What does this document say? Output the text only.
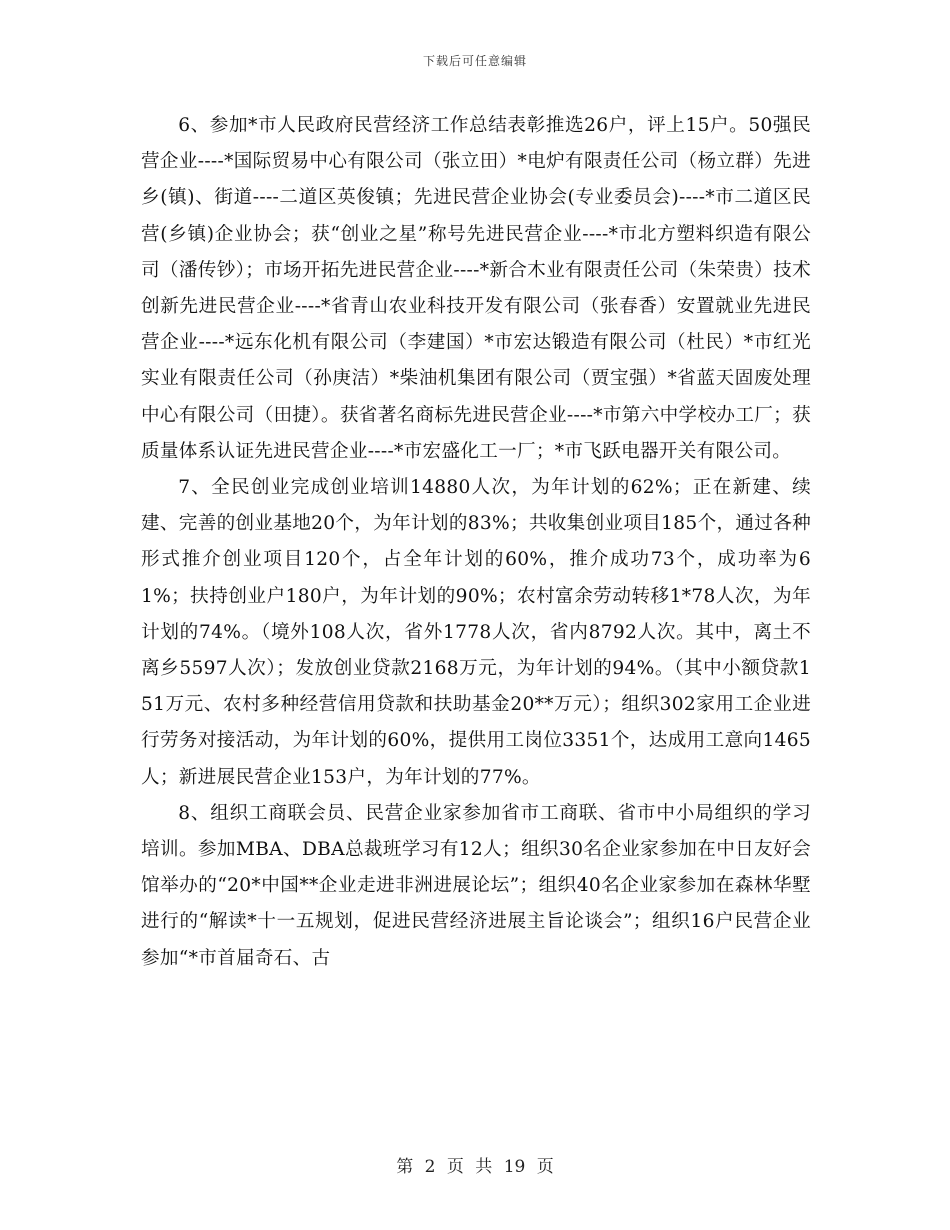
下载后可任意编辑

6、参加*市人民政府民营经济工作总结表彰推选26户，评上15户。50强民营企业----*国际贸易中心有限公司（张立田）*电炉有限责任公司（杨立群）先进乡(镇)、街道----二道区英俊镇；先进民营企业协会(专业委员会)----*市二道区民营(乡镇)企业协会；获“创业之星”称号先进民营企业----*市北方塑料织造有限公司（潘传钞）；市场开拓先进民营企业----*新合木业有限责任公司（朱荣贵）技术创新先进民营企业----*省青山农业科技开发有限公司（张春香）安置就业先进民营企业----*远东化机有限公司（李建国）*市宏达锻造有限公司（杜民）*市红光实业有限责任公司（孙庚洁）*柴油机集团有限公司（贾宝强）*省蓝天固废处理中心有限公司（田捷）。获省著名商标先进民营企业----*市第六中学校办工厂；获质量体系认证先进民营企业----*市宏盛化工一厂；*市飞跃电器开关有限公司。

7、全民创业完成创业培训14880人次，为年计划的62%；正在新建、续建、完善的创业基地20个，为年计划的83%；共收集创业项目185个，通过各种形式推介创业项目120个，占全年计划的60%，推介成功73个，成功率为61%；扶持创业户180户，为年计划的90%；农村富余劳动转移1*78人次，为年计划的74%。（境外108人次，省外1778人次，省内8792人次。其中，离土不离乡5597人次）；发放创业贷款2168万元，为年计划的94%。（其中小额贷款151万元、农村多种经营信用贷款和扶助基金20**万元）；组织302家用工企业进行劳务对接活动，为年计划的60%，提供用工岗位3351个，达成用工意向1465人；新进展民营企业153户，为年计划的77%。

8、组织工商联会员、民营企业家参加省市工商联、省市中小局组织的学习培训。参加MBA、DBA总裁班学习有12人；组织30名企业家参加在中日友好会馆举办的“20*中国**企业走进非洲进展论坛”；组织40名企业家参加在森林华墅进行的“解读*十一五规划，促进民营经济进展主旨论谈会”；组织16户民营企业参加“*市首届奇石、古

第 2 页 共 19 页
